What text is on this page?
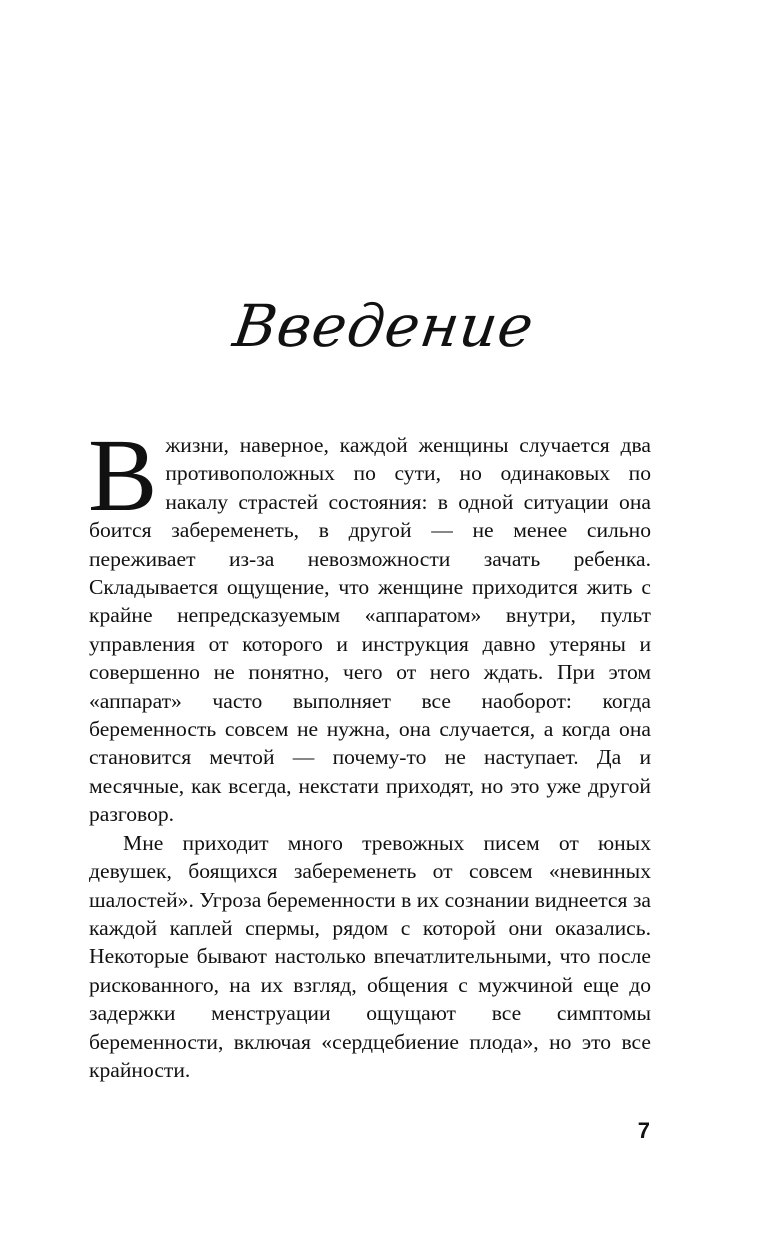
Введение

Вжизни, наверное, каждой женщины случается два противоположных по сути, но одинаковых по накалу страстей состояния: в одной ситуации она боится забеременеть, в другой — не менее сильно переживает из-за невозможности зачать ребенка. Складывается ощущение, что женщине приходится жить с крайне непредсказуемым «аппаратом» внутри, пульт управления от которого и инструкция давно утеряны и совершенно не понятно, чего от него ждать. При этом «аппарат» часто выполняет все наоборот: когда беременность совсем не нужна, она случается, а когда она становится мечтой — почему-то не наступает. Да и месячные, как всегда, некстати приходят, но это уже другой разговор.

Мне приходит много тревожных писем от юных девушек, боящихся забеременеть от совсем «невинных шалостей». Угроза беременности в их сознании виднеется за каждой каплей спермы, рядом с которой они оказались. Некоторые бывают настолько впечатлительными, что после рискованного, на их взгляд, общения с мужчиной еще до задержки менструации ощущают все симптомы беременности, включая «сердцебиение плода», но это все крайности.

7
